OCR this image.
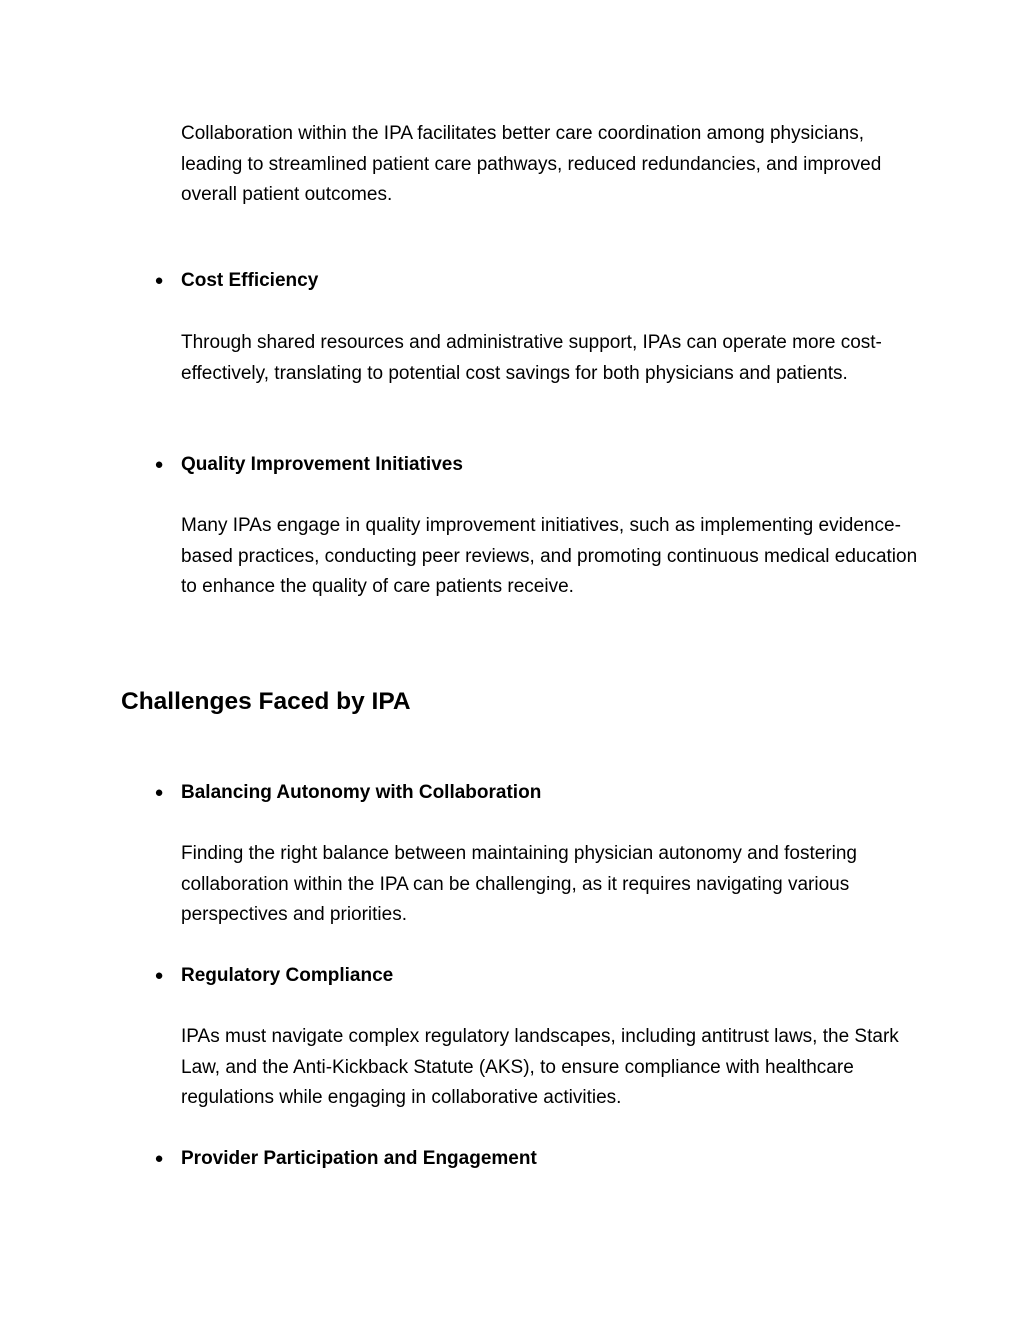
Collaboration within the IPA facilitates better care coordination among physicians, leading to streamlined patient care pathways, reduced redundancies, and improved overall patient outcomes.

● Cost Efficiency

Through shared resources and administrative support, IPAs can operate more cost-effectively, translating to potential cost savings for both physicians and patients.

● Quality Improvement Initiatives

Many IPAs engage in quality improvement initiatives, such as implementing evidence-based practices, conducting peer reviews, and promoting continuous medical education to enhance the quality of care patients receive.

Challenges Faced by IPA
● Balancing Autonomy with Collaboration

Finding the right balance between maintaining physician autonomy and fostering collaboration within the IPA can be challenging, as it requires navigating various perspectives and priorities.

● Regulatory Compliance

IPAs must navigate complex regulatory landscapes, including antitrust laws, the Stark Law, and the Anti-Kickback Statute (AKS), to ensure compliance with healthcare regulations while engaging in collaborative activities.

● Provider Participation and Engagement
